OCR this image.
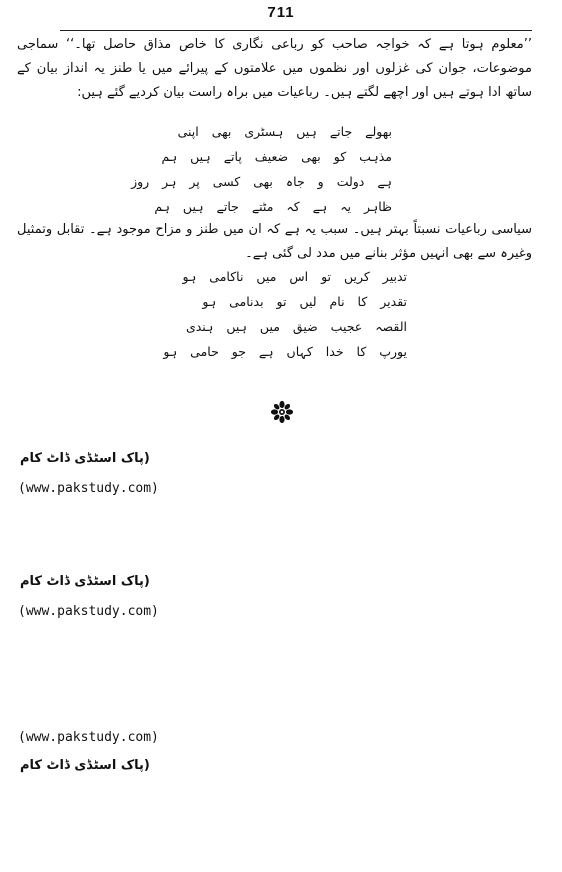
711

’’معلوم ہوتا ہے کہ خواجہ صاحب کو رباعی نگاری کا خاص مذاق حاصل تھا۔‘‘ سماجی موضوعات، جوان کی غزلوں اور نظموں میں علامتوں کے پیرائے میں یا طنز یہ انداز بیان کے ساتھ ادا ہوتے ہیں اور اچھے لگتے ہیں۔ رباعیات میں براہ راست بیان کردیے گئے ہیں:

بھولے جاتے ہیں ہسٹری بھی اپنی
مذہب کو بھی ضعیف پاتے ہیں ہم
ہے دولت و جاہ بھی کسی پر ہر روز
ظاہر یہ ہے کہ مٹتے جاتے ہیں ہم

سیاسی رباعیات نسبتاً بہتر ہیں۔ سبب یہ ہے کہ ان میں طنز و مزاح موجود ہے۔ تقابل وتمثیل وغیرہ سے بھی انہیں مؤثر بنانے میں مدد لی گئی ہے۔

تدبیر کریں تو اس میں ناکامی ہو
تقدیر کا نام لیں تو بدنامی ہو
القصہ عجیب ضیق میں ہیں ہندی
یورپ کا خدا کہاں ہے جو حامی ہو
(پاک اسٹڈی ڈاٹ کام
(www.pakstudy.com)
(پاک اسٹڈی ڈاٹ کام
(www.pakstudy.com)
(www.pakstudy.com)
(پاک اسٹڈی ڈاٹ کام
